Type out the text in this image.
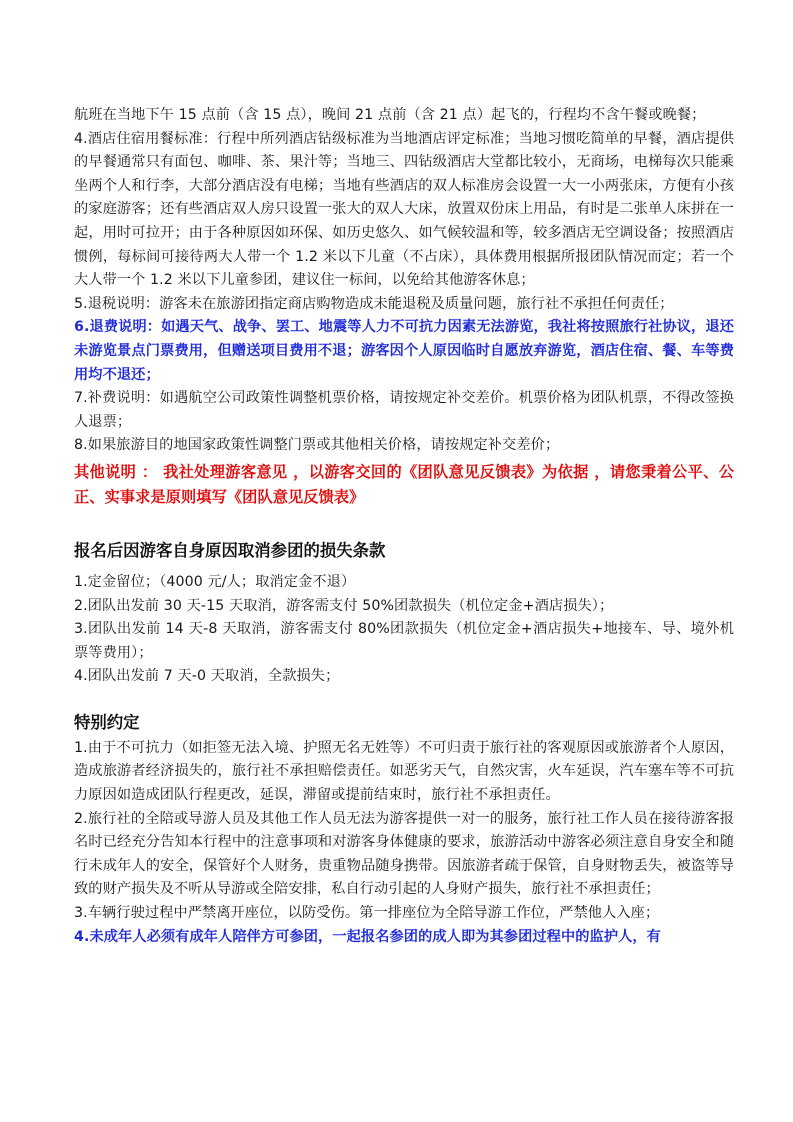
航班在当地下午 15 点前（含 15 点），晚间 21 点前（含 21 点）起飞的，行程均不含午餐或晚餐；

4.酒店住宿用餐标准：行程中所列酒店钻级标准为当地酒店评定标准；当地习惯吃简单的早餐，酒店提供的早餐通常只有面包、咖啡、茶、果汁等；当地三、四钻级酒店大堂都比较小，无商场，电梯每次只能乘坐两个人和行李，大部分酒店没有电梯；当地有些酒店的双人标准房会设置一大一小两张床，方便有小孩的家庭游客；还有些酒店双人房只设置一张大的双人大床，放置双份床上用品，有时是二张单人床拼在一起，用时可拉开；由于各种原因如环保、如历史悠久、如气候较温和等，较多酒店无空调设备；按照酒店惯例，每标间可接待两大人带一个 1.2 米以下儿童（不占床），具体费用根据所报团队情况而定；若一个大人带一个 1.2 米以下儿童参团，建议住一标间，以免给其他游客休息；

5.退税说明：游客未在旅游团指定商店购物造成未能退税及质量问题，旅行社不承担任何责任；

6.退费说明：如遇天气、战争、罢工、地震等人力不可抗力因素无法游览，我社将按照旅行社协议，退还未游览景点门票费用，但赠送项目费用不退；游客因个人原因临时自愿放弃游览，酒店住宿、餐、车等费用均不退还；

7.补费说明：如遇航空公司政策性调整机票价格，请按规定补交差价。机票价格为团队机票，不得改签换人退票；

8.如果旅游目的地国家政策性调整门票或其他相关价格，请按规定补交差价；

其他说明 ： 我社处理游客意见 ，以游客交回的《团队意见反馈表》为依据 ，请您秉着公平、公正、实事求是原则填写《团队意见反馈表》

报名后因游客自身原因取消参团的损失条款

1.定金留位；（4000 元/人；取消定金不退）

2.团队出发前 30 天-15 天取消，游客需支付 50%团款损失（机位定金+酒店损失）；

3.团队出发前 14 天-8 天取消，游客需支付 80%团款损失（机位定金+酒店损失+地接车、导、境外机票等费用）；

4.团队出发前 7 天-0 天取消，全款损失；

特别约定

1.由于不可抗力（如拒签无法入境、护照无名无姓等）不可归责于旅行社的客观原因或旅游者个人原因，造成旅游者经济损失的，旅行社不承担赔偿责任。如恶劣天气，自然灾害，火车延误，汽车塞车等不可抗力原因如造成团队行程更改，延误，滞留或提前结束时，旅行社不承担责任。

2.旅行社的全陪或导游人员及其他工作人员无法为游客提供一对一的服务，旅行社工作人员在接待游客报名时已经充分告知本行程中的注意事项和对游客身体健康的要求，旅游活动中游客必须注意自身安全和随行未成年人的安全，保管好个人财务，贵重物品随身携带。因旅游者疏于保管，自身财物丢失，被盗等导致的财产损失及不听从导游或全陪安排，私自行动引起的人身财产损失，旅行社不承担责任；

3.车辆行驶过程中严禁离开座位，以防受伤。第一排座位为全陪导游工作位，严禁他人入座；

4.未成年人必须有成年人陪伴方可参团，一起报名参团的成人即为其参团过程中的监护人，有
